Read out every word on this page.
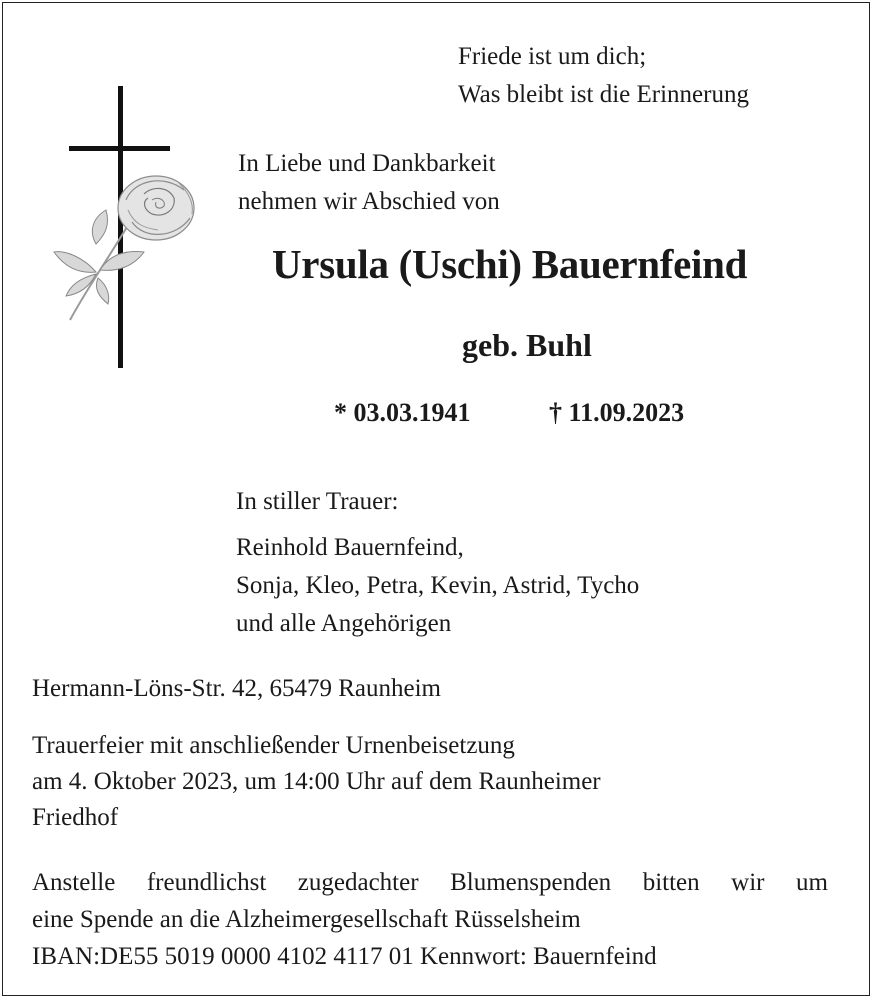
Friede ist um dich;
Was bleibt ist die Erinnerung
In Liebe und Dankbarkeit
nehmen wir Abschied von
Ursula (Uschi) Bauernfeind
geb. Buhl
* 03.03.1941	† 11.09.2023
In stiller Trauer:
Reinhold Bauernfeind,
Sonja, Kleo, Petra, Kevin, Astrid, Tycho
und alle Angehörigen
Hermann-Löns-Str. 42, 65479 Raunheim
Trauerfeier mit anschließender Urnenbeisetzung
am 4. Oktober 2023, um 14:00 Uhr auf dem Raunheimer
Friedhof
Anstelle freundlichst zugedachter Blumenspenden bitten wir um
eine Spende an die Alzheimergesellschaft Rüsselsheim
IBAN:DE55 5019 0000 4102 4117 01 Kennwort: Bauernfeind
